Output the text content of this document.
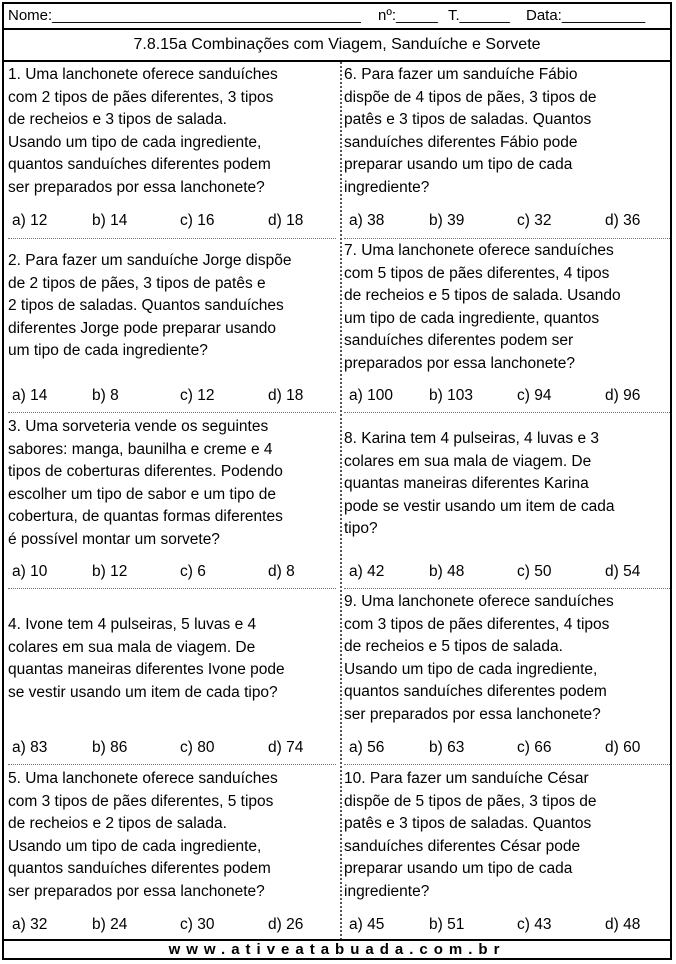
Nome:_____________________________________ nº:_____ T.______ Data:__________
7.8.15a Combinações com Viagem, Sanduíche e Sorvete
1. Uma lanchonete oferece sanduíches
com 2 tipos de pães diferentes, 3 tipos
de recheios e 3 tipos de salada.
Usando um tipo de cada ingrediente,
quantos sanduíches diferentes podem
ser preparados por essa lanchonete?
a) 12	b) 14	c) 16	d) 18
2. Para fazer um sanduíche Jorge dispõe
de 2 tipos de pães, 3 tipos de patês e
2 tipos de saladas. Quantos sanduíches
diferentes Jorge pode preparar usando
um tipo de cada ingrediente?
a) 14	b) 8	c) 12	d) 18
3. Uma sorveteria vende os seguintes
sabores: manga, baunilha e creme e 4
tipos de coberturas diferentes. Podendo
escolher um tipo de sabor e um tipo de
cobertura, de quantas formas diferentes
é possível montar um sorvete?
a) 10	b) 12	c) 6	d) 8
4. Ivone tem 4 pulseiras, 5 luvas e 4
colares em sua mala de viagem. De
quantas maneiras diferentes Ivone pode
se vestir usando um item de cada tipo?
a) 83	b) 86	c) 80	d) 74
5. Uma lanchonete oferece sanduíches
com 3 tipos de pães diferentes, 5 tipos
de recheios e 2 tipos de salada.
Usando um tipo de cada ingrediente,
quantos sanduíches diferentes podem
ser preparados por essa lanchonete?
a) 32	b) 24	c) 30	d) 26
6. Para fazer um sanduíche Fábio
dispõe de 4 tipos de pães, 3 tipos de
patês e 3 tipos de saladas. Quantos
sanduíches diferentes Fábio pode
preparar usando um tipo de cada
ingrediente?
a) 38	b) 39	c) 32	d) 36
7. Uma lanchonete oferece sanduíches
com 5 tipos de pães diferentes, 4 tipos
de recheios e 5 tipos de salada. Usando
um tipo de cada ingrediente, quantos
sanduíches diferentes podem ser
preparados por essa lanchonete?
a) 100 b) 103	c) 94	d) 96
8. Karina tem 4 pulseiras, 4 luvas e 3
colares em sua mala de viagem. De
quantas maneiras diferentes Karina
pode se vestir usando um item de cada
tipo?
a) 42	b) 48	c) 50	d) 54
9. Uma lanchonete oferece sanduíches
com 3 tipos de pães diferentes, 4 tipos
de recheios e 5 tipos de salada.
Usando um tipo de cada ingrediente,
quantos sanduíches diferentes podem
ser preparados por essa lanchonete?
a) 56	b) 63	c) 66	d) 60
10. Para fazer um sanduíche César
dispõe de 5 tipos de pães, 3 tipos de
patês e 3 tipos de saladas. Quantos
sanduíches diferentes César pode
preparar usando um tipo de cada
ingrediente?
a) 45	b) 51	c) 43	d) 48
www.ativeatabuada.com.br
